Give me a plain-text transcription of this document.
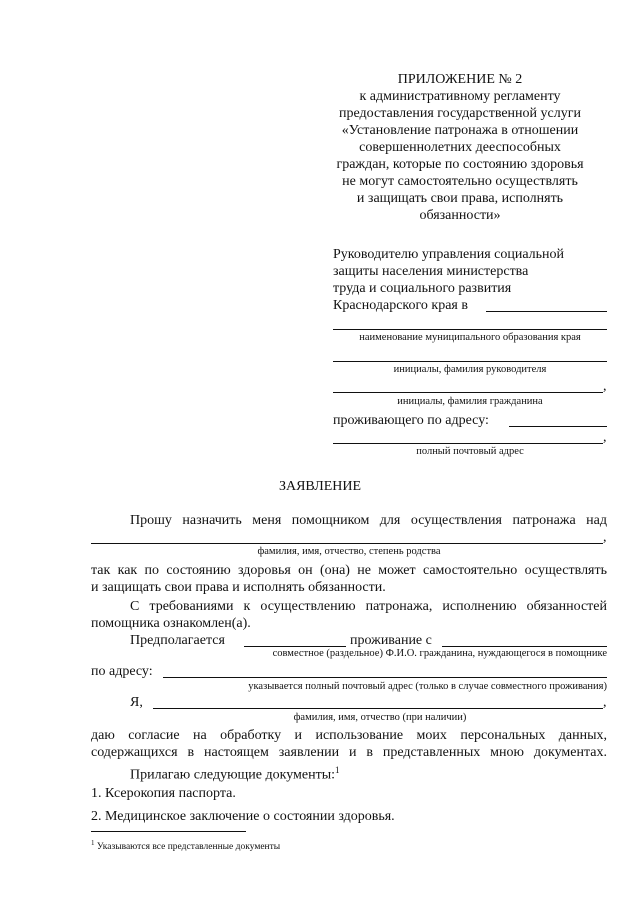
ПРИЛОЖЕНИЕ № 2
к административному регламенту
предоставления государственной услуги
«Установление патронажа в отношении
совершеннолетних дееспособных
граждан, которые по состоянию здоровья
не могут самостоятельно осуществлять
и защищать свои права, исполнять
обязанности»
Руководителю управления социальной
защиты населения министерства
труда и социального развития
Краснодарского края в
наименование муниципального образования края
инициалы, фамилия руководителя
,
инициалы, фамилия гражданина
проживающего по адресу:
,
полный почтовый адрес
ЗАЯВЛЕНИЕ
Прошу назначить меня помощником для осуществления патронажа над
,
фамилия, имя, отчество, степень родства
так как по состоянию здоровья он (она) не может самостоятельно осуществлять
и защищать свои права и исполнять обязанности.
С требованиями к осуществлению патронажа, исполнению обязанностей
помощника ознакомлен(а).
Предполагается	проживание с
совместное (раздельное) Ф.И.О. гражданина, нуждающегося в помощнике
по адресу:
указывается полный почтовый адрес (только в случае совместного проживания)
Я,	,
фамилия, имя, отчество (при наличии)
даю согласие на обработку и использование моих персональных данных,
содержащихся в настоящем заявлении и в представленных мною документах.
Прилагаю следующие документы:$^1$
1. Ксерокопия паспорта.
2. Медицинское заключение о состоянии здоровья.
$^1$ Указываются все представленные документы
